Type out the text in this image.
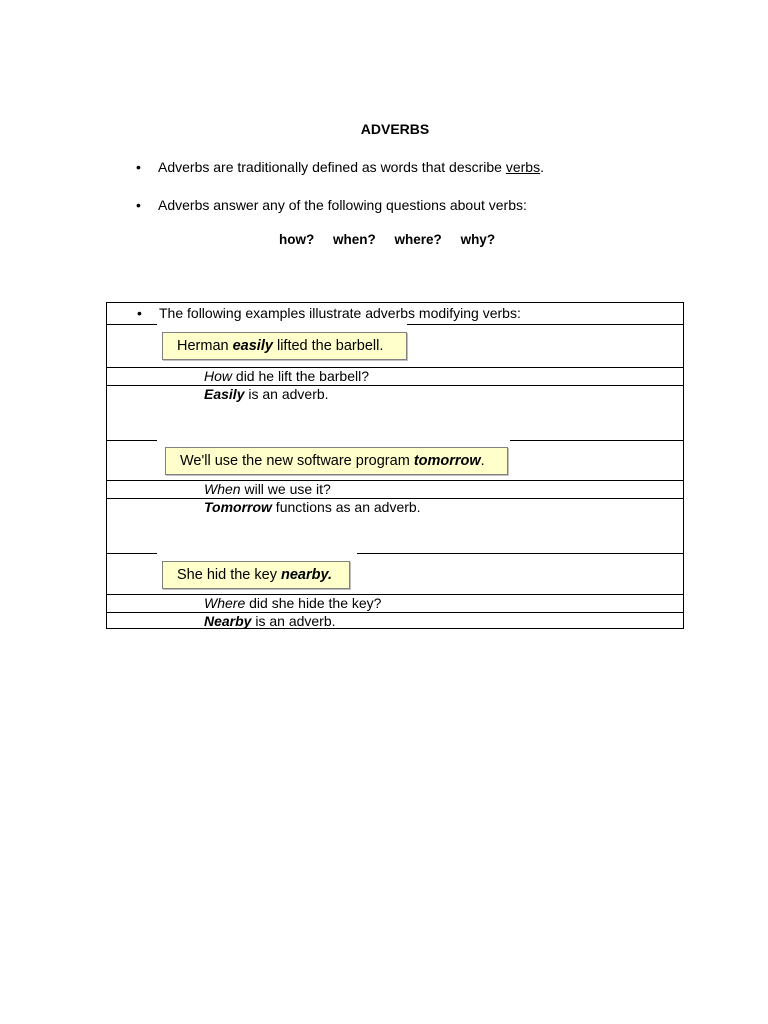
ADVERBS
• Adverbs are traditionally defined as words that describe verbs.
• Adverbs answer any of the following questions about verbs:
how? when? where? why?
• The following examples illustrate adverbs modifying verbs:
Herman easily lifted the barbell.
How did he lift the barbell?
Easily is an adverb.
We'll use the new software program tomorrow.
When will we use it?
Tomorrow functions as an adverb.
She hid the key nearby.
Where did she hide the key?
Nearby is an adverb.
